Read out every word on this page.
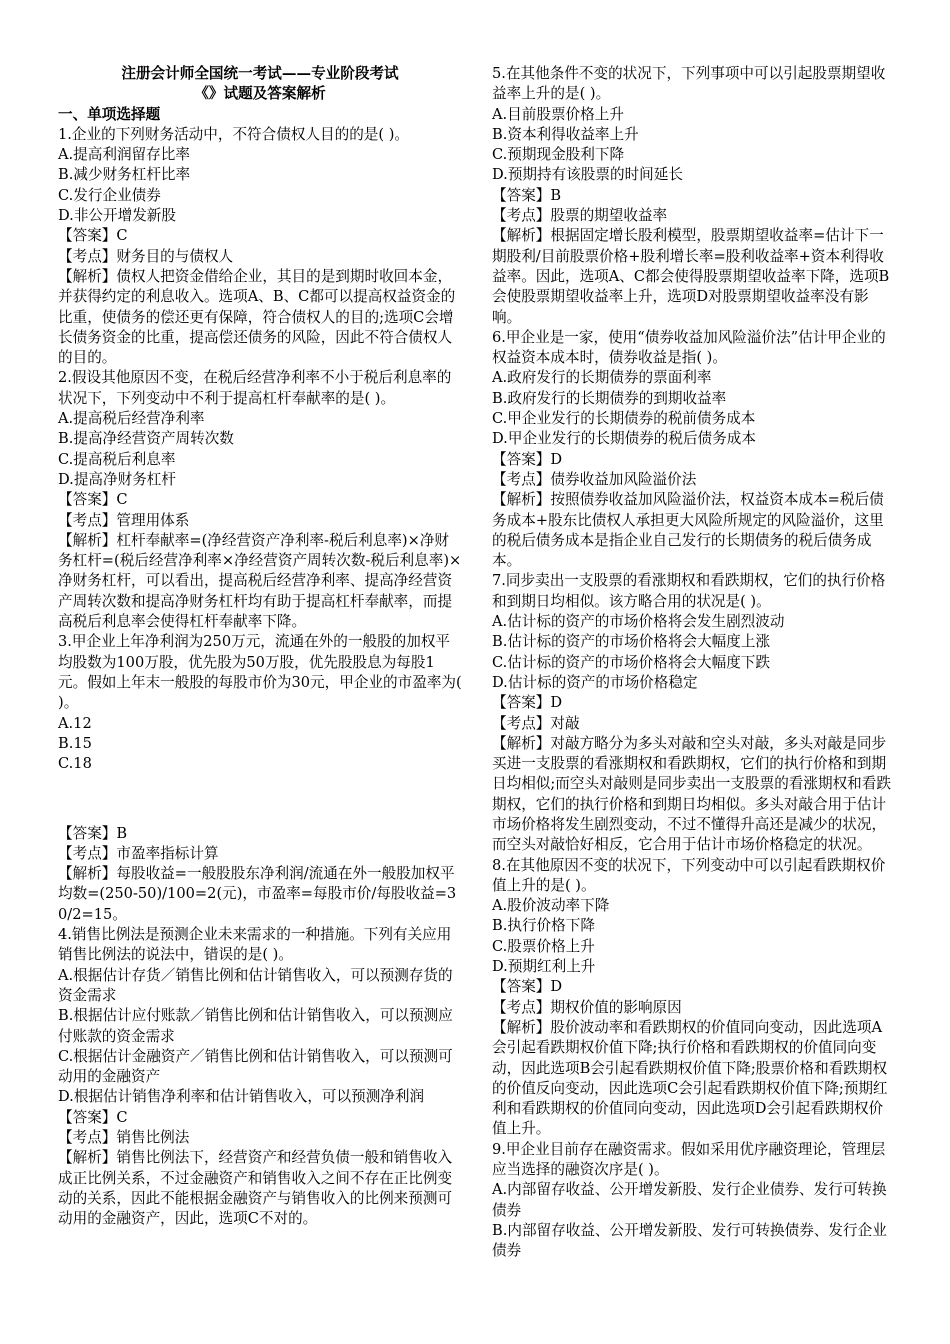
注册会计师全国统一考试——专业阶段考试

《》试题及答案解析

一、单项选择题

1.企业的下列财务活动中，不符合债权人目的的是( )。

A.提高利润留存比率

B.减少财务杠杆比率

C.发行企业债券

D.非公开增发新股

【答案】C

【考点】财务目的与债权人

【解析】债权人把资金借给企业，其目的是到期时收回本金，并获得约定的利息收入。选项A、B、C都可以提高权益资金的比重，使债务的偿还更有保障，符合债权人的目的;选项C会增长债务资金的比重，提高偿还债务的风险，因此不符合债权人的目的。

2.假设其他原因不变，在税后经营净利率不小于税后利息率的状况下，下列变动中不利于提高杠杆奉献率的是( )。

A.提高税后经营净利率

B.提高净经营资产周转次数

C.提高税后利息率

D.提高净财务杠杆

【答案】C

【考点】管理用体系

【解析】杠杆奉献率=(净经营资产净利率-税后利息率)×净财务杠杆=(税后经营净利率×净经营资产周转次数-税后利息率)×净财务杠杆，可以看出，提高税后经营净利率、提高净经营资产周转次数和提高净财务杠杆均有助于提高杠杆奉献率，而提高税后利息率会使得杠杆奉献率下降。

3.甲企业上年净利润为250万元，流通在外的一般股的加权平均股数为100万股，优先股为50万股，优先股股息为每股1元。假如上年末一般股的每股市价为30元，甲企业的市盈率为( )。

A.12

B.15

C.18

【答案】B

【考点】市盈率指标计算

【解析】每股收益=一般股股东净利润/流通在外一般股加权平均数=(250-50)/100=2(元)，市盈率=每股市价/每股收益=30/2=15。

4.销售比例法是预测企业未来需求的一种措施。下列有关应用销售比例法的说法中，错误的是( )。

A.根据估计存货／销售比例和估计销售收入，可以预测存货的资金需求

B.根据估计应付账款／销售比例和估计销售收入，可以预测应付账款的资金需求

C.根据估计金融资产／销售比例和估计销售收入，可以预测可动用的金融资产

D.根据估计销售净利率和估计销售收入，可以预测净利润

【答案】C

【考点】销售比例法

【解析】销售比例法下，经营资产和经营负债一般和销售收入成正比例关系，不过金融资产和销售收入之间不存在正比例变动的关系，因此不能根据金融资产与销售收入的比例来预测可动用的金融资产，因此，选项C不对的。

5.在其他条件不变的状况下，下列事项中可以引起股票期望收益率上升的是( )。

A.目前股票价格上升

B.资本利得收益率上升

C.预期现金股利下降

D.预期持有该股票的时间延长

【答案】B

【考点】股票的期望收益率

【解析】根据固定增长股利模型，股票期望收益率=估计下一期股利/目前股票价格+股利增长率=股利收益率+资本利得收益率。因此，选项A、C都会使得股票期望收益率下降，选项B会使股票期望收益率上升，选项D对股票期望收益率没有影响。

6.甲企业是一家，使用“债券收益加风险溢价法”估计甲企业的权益资本成本时，债券收益是指( )。

A.政府发行的长期债券的票面利率

B.政府发行的长期债券的到期收益率

C.甲企业发行的长期债券的税前债务成本

D.甲企业发行的长期债券的税后债务成本

【答案】D

【考点】债券收益加风险溢价法

【解析】按照债券收益加风险溢价法，权益资本成本=税后债务成本+股东比债权人承担更大风险所规定的风险溢价，这里的税后债务成本是指企业自己发行的长期债务的税后债务成本。

7.同步卖出一支股票的看涨期权和看跌期权，它们的执行价格和到期日均相似。该方略合用的状况是( )。

A.估计标的资产的市场价格将会发生剧烈波动

B.估计标的资产的市场价格将会大幅度上涨

C.估计标的资产的市场价格将会大幅度下跌

D.估计标的资产的市场价格稳定

【答案】D

【考点】对敲

【解析】对敲方略分为多头对敲和空头对敲，多头对敲是同步买进一支股票的看涨期权和看跌期权，它们的执行价格和到期日均相似;而空头对敲则是同步卖出一支股票的看涨期权和看跌期权，它们的执行价格和到期日均相似。多头对敲合用于估计市场价格将发生剧烈变动，不过不懂得升高还是减少的状况，而空头对敲恰好相反，它合用于估计市场价格稳定的状况。

8.在其他原因不变的状况下，下列变动中可以引起看跌期权价值上升的是( )。

A.股价波动率下降

B.执行价格下降

C.股票价格上升

D.预期红利上升

【答案】D

【考点】期权价值的影响原因

【解析】股价波动率和看跌期权的价值同向变动，因此选项A会引起看跌期权价值下降;执行价格和看跌期权的价值同向变动，因此选项B会引起看跌期权价值下降;股票价格和看跌期权的价值反向变动，因此选项C会引起看跌期权价值下降;预期红利和看跌期权的价值同向变动，因此选项D会引起看跌期权价值上升。

9.甲企业目前存在融资需求。假如采用优序融资理论，管理层应当选择的融资次序是( )。

A.内部留存收益、公开增发新股、发行企业债券、发行可转换债券

B.内部留存收益、公开增发新股、发行可转换债券、发行企业债券
